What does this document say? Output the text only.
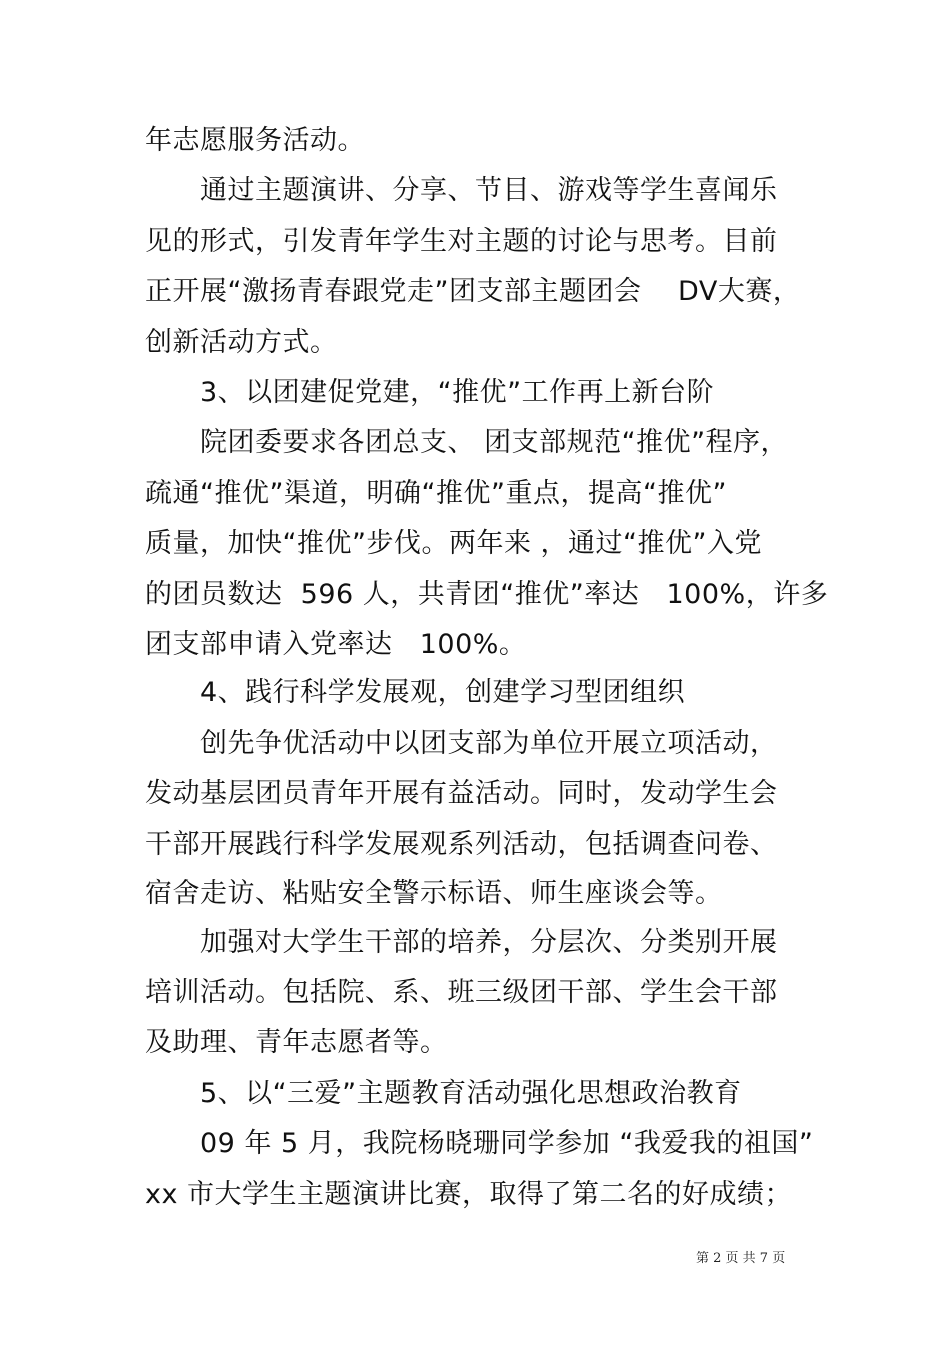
年志愿服务活动。
通过主题演讲、分享、节目、游戏等学生喜闻乐
见的形式，引发青年学生对主题的讨论与思考。目前
正开展“激扬青春跟党走”团支部主题团会　 DV大赛，
创新活动方式。
3、以团建促党建，“推优”工作再上新台阶
院团委要求各团总支、 团支部规范“推优”程序，
疏通“推优”渠道，明确“推优”重点，提高“推优”
质量，加快“推优”步伐。两年来 ，通过“推优”入党
的团员数达  596 人，共青团“推优”率达   100%，许多
团支部申请入党率达   100%。
4、践行科学发展观，创建学习型团组织
创先争优活动中以团支部为单位开展立项活动，
发动基层团员青年开展有益活动。同时，发动学生会
干部开展践行科学发展观系列活动，包括调查问卷、
宿舍走访、粘贴安全警示标语、师生座谈会等。
加强对大学生干部的培养，分层次、分类别开展
培训活动。包括院、系、班三级团干部、学生会干部
及助理、青年志愿者等。
5、以“三爱”主题教育活动强化思想政治教育
09 年 5 月，我院杨晓珊同学参加 “我爱我的祖国”
xx 市大学生主题演讲比赛，取得了第二名的好成绩；
第 2 页 共 7 页
